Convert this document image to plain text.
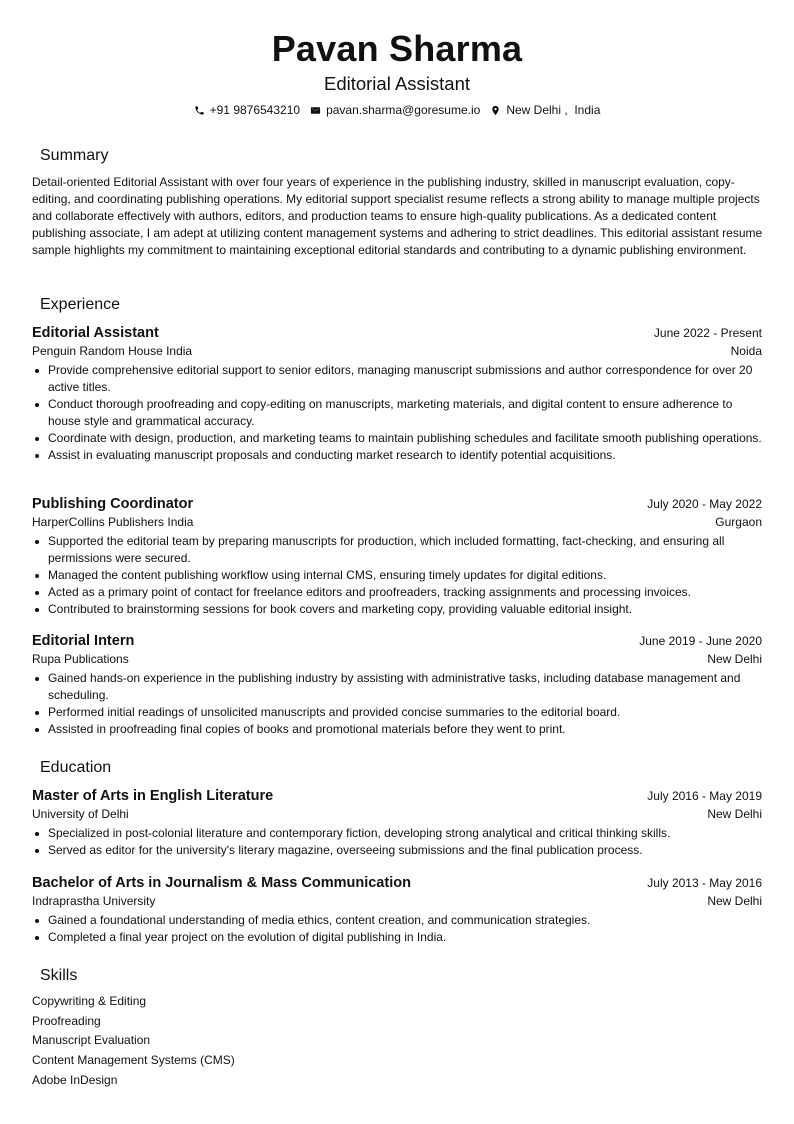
Pavan Sharma
Editorial Assistant
+91 9876543210 pavan.sharma@goresume.io New Delhi ,  India
Summary
Detail-oriented Editorial Assistant with over four years of experience in the publishing industry, skilled in manuscript evaluation, copy-editing, and coordinating publishing operations. My editorial support specialist resume reflects a strong ability to manage multiple projects and collaborate effectively with authors, editors, and production teams to ensure high-quality publications. As a dedicated content publishing associate, I am adept at utilizing content management systems and adhering to strict deadlines. This editorial assistant resume sample highlights my commitment to maintaining exceptional editorial standards and contributing to a dynamic publishing environment.
Experience
Editorial Assistant	June 2022 - Present
Penguin Random House India	Noida
Provide comprehensive editorial support to senior editors, managing manuscript submissions and author correspondence for over 20 active titles.
Conduct thorough proofreading and copy-editing on manuscripts, marketing materials, and digital content to ensure adherence to house style and grammatical accuracy.
Coordinate with design, production, and marketing teams to maintain publishing schedules and facilitate smooth publishing operations.
Assist in evaluating manuscript proposals and conducting market research to identify potential acquisitions.
Publishing Coordinator	July 2020 - May 2022
HarperCollins Publishers India	Gurgaon
Supported the editorial team by preparing manuscripts for production, which included formatting, fact-checking, and ensuring all permissions were secured.
Managed the content publishing workflow using internal CMS, ensuring timely updates for digital editions.
Acted as a primary point of contact for freelance editors and proofreaders, tracking assignments and processing invoices.
Contributed to brainstorming sessions for book covers and marketing copy, providing valuable editorial insight.
Editorial Intern	June 2019 - June 2020
Rupa Publications	New Delhi
Gained hands-on experience in the publishing industry by assisting with administrative tasks, including database management and scheduling.
Performed initial readings of unsolicited manuscripts and provided concise summaries to the editorial board.
Assisted in proofreading final copies of books and promotional materials before they went to print.
Education
Master of Arts in English Literature	July 2016 - May 2019
University of Delhi	New Delhi
Specialized in post-colonial literature and contemporary fiction, developing strong analytical and critical thinking skills.
Served as editor for the university's literary magazine, overseeing submissions and the final publication process.
Bachelor of Arts in Journalism & Mass Communication	July 2013 - May 2016
Indraprastha University	New Delhi
Gained a foundational understanding of media ethics, content creation, and communication strategies.
Completed a final year project on the evolution of digital publishing in India.
Skills
Copywriting & Editing
Proofreading
Manuscript Evaluation
Content Management Systems (CMS)
Adobe InDesign
